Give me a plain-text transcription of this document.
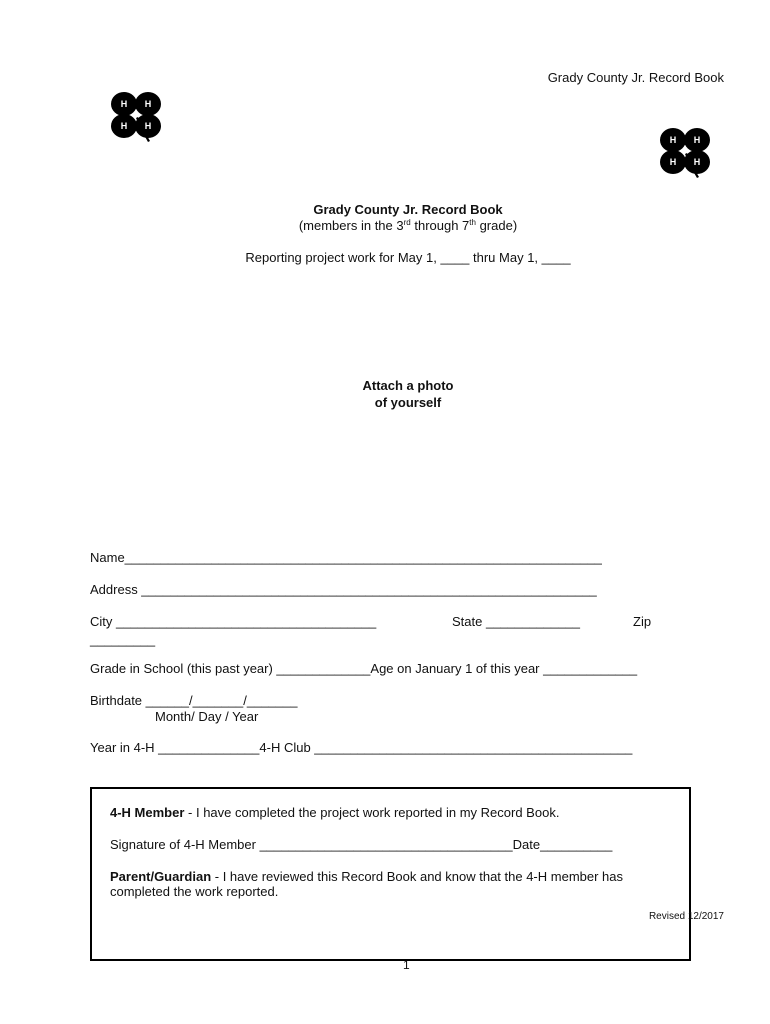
Grady County Jr. Record Book
H H
H H
H H
H H
Grady County Jr. Record Book
(members in the 3rd through 7th grade)
Reporting project work for May 1, ____ thru May 1, ____
Attach a photo
of yourself
Name__________________________________________________________________
Address _______________________________________________________________
City ____________________________________	State _____________	Zip
_________
Grade in School (this past year) _____________Age on January 1 of this year _____________
Birthdate ______/_______/_______
Month/ Day / Year
Year in 4-H ______________4-H Club ____________________________________________
4-H Member - I have completed the project work reported in my Record Book.
Signature of 4-H Member ___________________________________Date__________
Parent/Guardian - I have reviewed this Record Book and know that the 4-H member has completed the work reported.
Revised 12/2017
1
